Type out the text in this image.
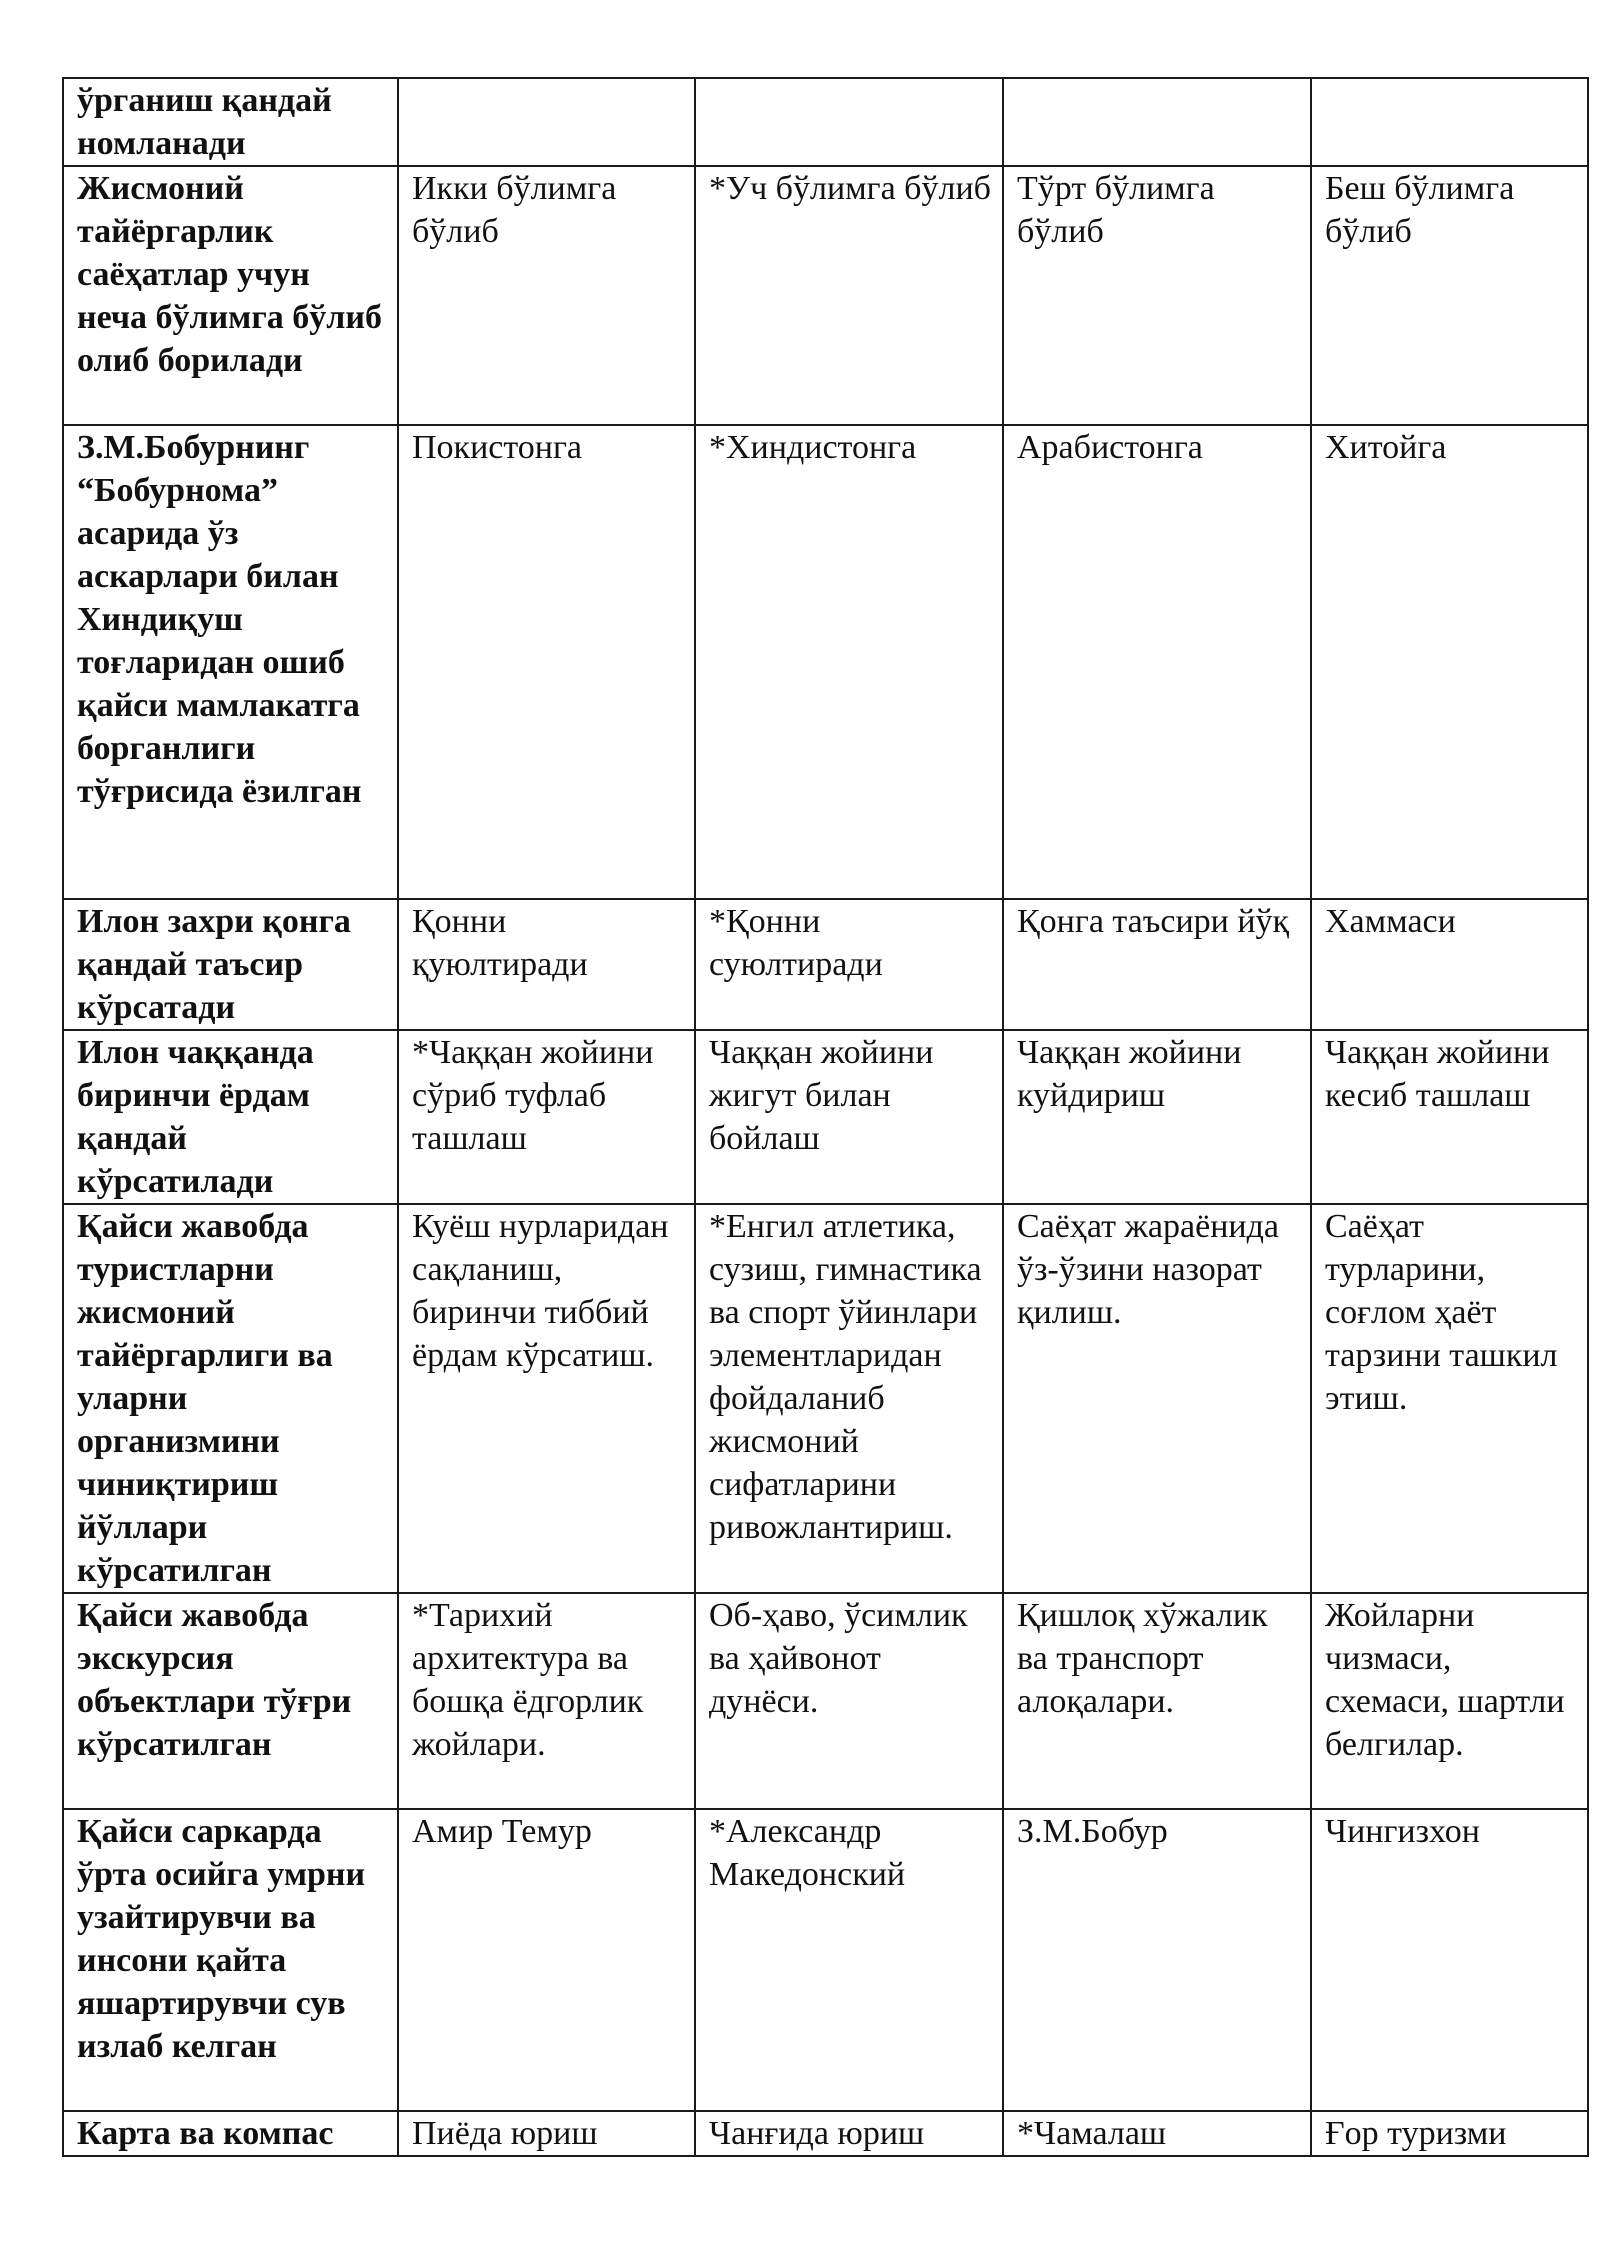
ўрганиш қандай номланади				
Жисмоний тайёргарлик саёҳатлар учун неча бўлимга бўлиб олиб борилади	Икки бўлимга бўлиб	*Уч бўлимга бўлиб	Тўрт бўлимга бўлиб	Беш бўлимга бўлиб
З.М.Бобурнинг “Бобурнома” асарида ўз аскарлари билан Хиндиқуш тоғларидан ошиб қайси мамлакатга борганлиги тўғрисида ёзилган	Покистонга	*Хиндистонга	Арабистонга	Хитойга
Илон захри қонга қандай таъсир кўрсатади	Қонни қуюлтиради	*Қонни суюлтиради	Қонга таъсири йўқ	Хаммаси
Илон чаққанда биринчи ёрдам қандай кўрсатилади	*Чаққан жойини сўриб туфлаб ташлаш	Чаққан жойини жигут билан бойлаш	Чаққан жойини куйдириш	Чаққан жойини кесиб ташлаш
Қайси жавобда туристларни жисмоний тайёргарлиги ва уларни организмини чиниқтириш йўллари кўрсатилган	Куёш нурларидан сақланиш, биринчи тиббий ёрдам кўрсатиш.	*Енгил атлетика, сузиш, гимнастика ва спорт ўйинлари элементларидан фойдаланиб жисмоний сифатларини ривожлантириш.	Саёҳат жараёнида ўз-ўзини назорат қилиш.	Саёҳат турларини, соғлом ҳаёт тарзини ташкил этиш.
Қайси жавобда экскурсия объектлари тўғри кўрсатилган	*Тарихий архитектура ва бошқа ёдгорлик жойлари.	Об-ҳаво, ўсимлик ва ҳайвонот дунёси.	Қишлоқ хўжалик ва транспорт алоқалари.	Жойларни чизмаси, схемаси, шартли белгилар.
Қайси саркарда ўрта осийга умрни узайтирувчи ва инсони қайта яшартирувчи сув излаб келган	Амир Темур	*Александр Македонский	З.М.Бобур	Чингизхон
Карта ва компас	Пиёда юриш	Чанғида юриш	*Чамалаш	Ғор туризми
